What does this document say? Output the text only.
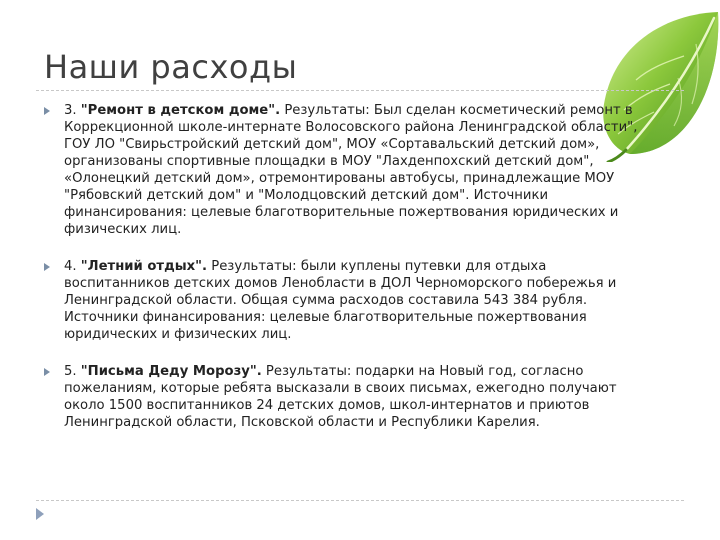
Наши расходы
3. "Ремонт в детском доме". Результаты: Был сделан косметический ремонт в Коррекционной школе-интернате Волосовского района Ленинградской области", ГОУ ЛО "Свирьстройский детский дом", МОУ «Сортавальский детский дом», организованы спортивные площадки в МОУ "Лахденпохский детский дом", «Олонецкий детский дом», отремонтированы автобусы, принадлежащие МОУ "Рябовский детский дом" и "Молодцовский детский дом". Источники финансирования: целевые благотворительные пожертвования юридических и физических лиц.
4. "Летний отдых". Результаты: были куплены путевки для отдыха воспитанников детских домов Ленобласти в ДОЛ Черноморского побережья и Ленинградской области. Общая сумма расходов составила 543 384 рубля. Источники финансирования: целевые благотворительные пожертвования юридических и физических лиц.
5. "Письма Деду Морозу". Результаты: подарки на Новый год, согласно пожеланиям, которые ребята высказали в своих письмах, ежегодно получают около 1500 воспитанников 24 детских домов, школ-интернатов и приютов Ленинградской области, Псковской области и Республики Карелия.
